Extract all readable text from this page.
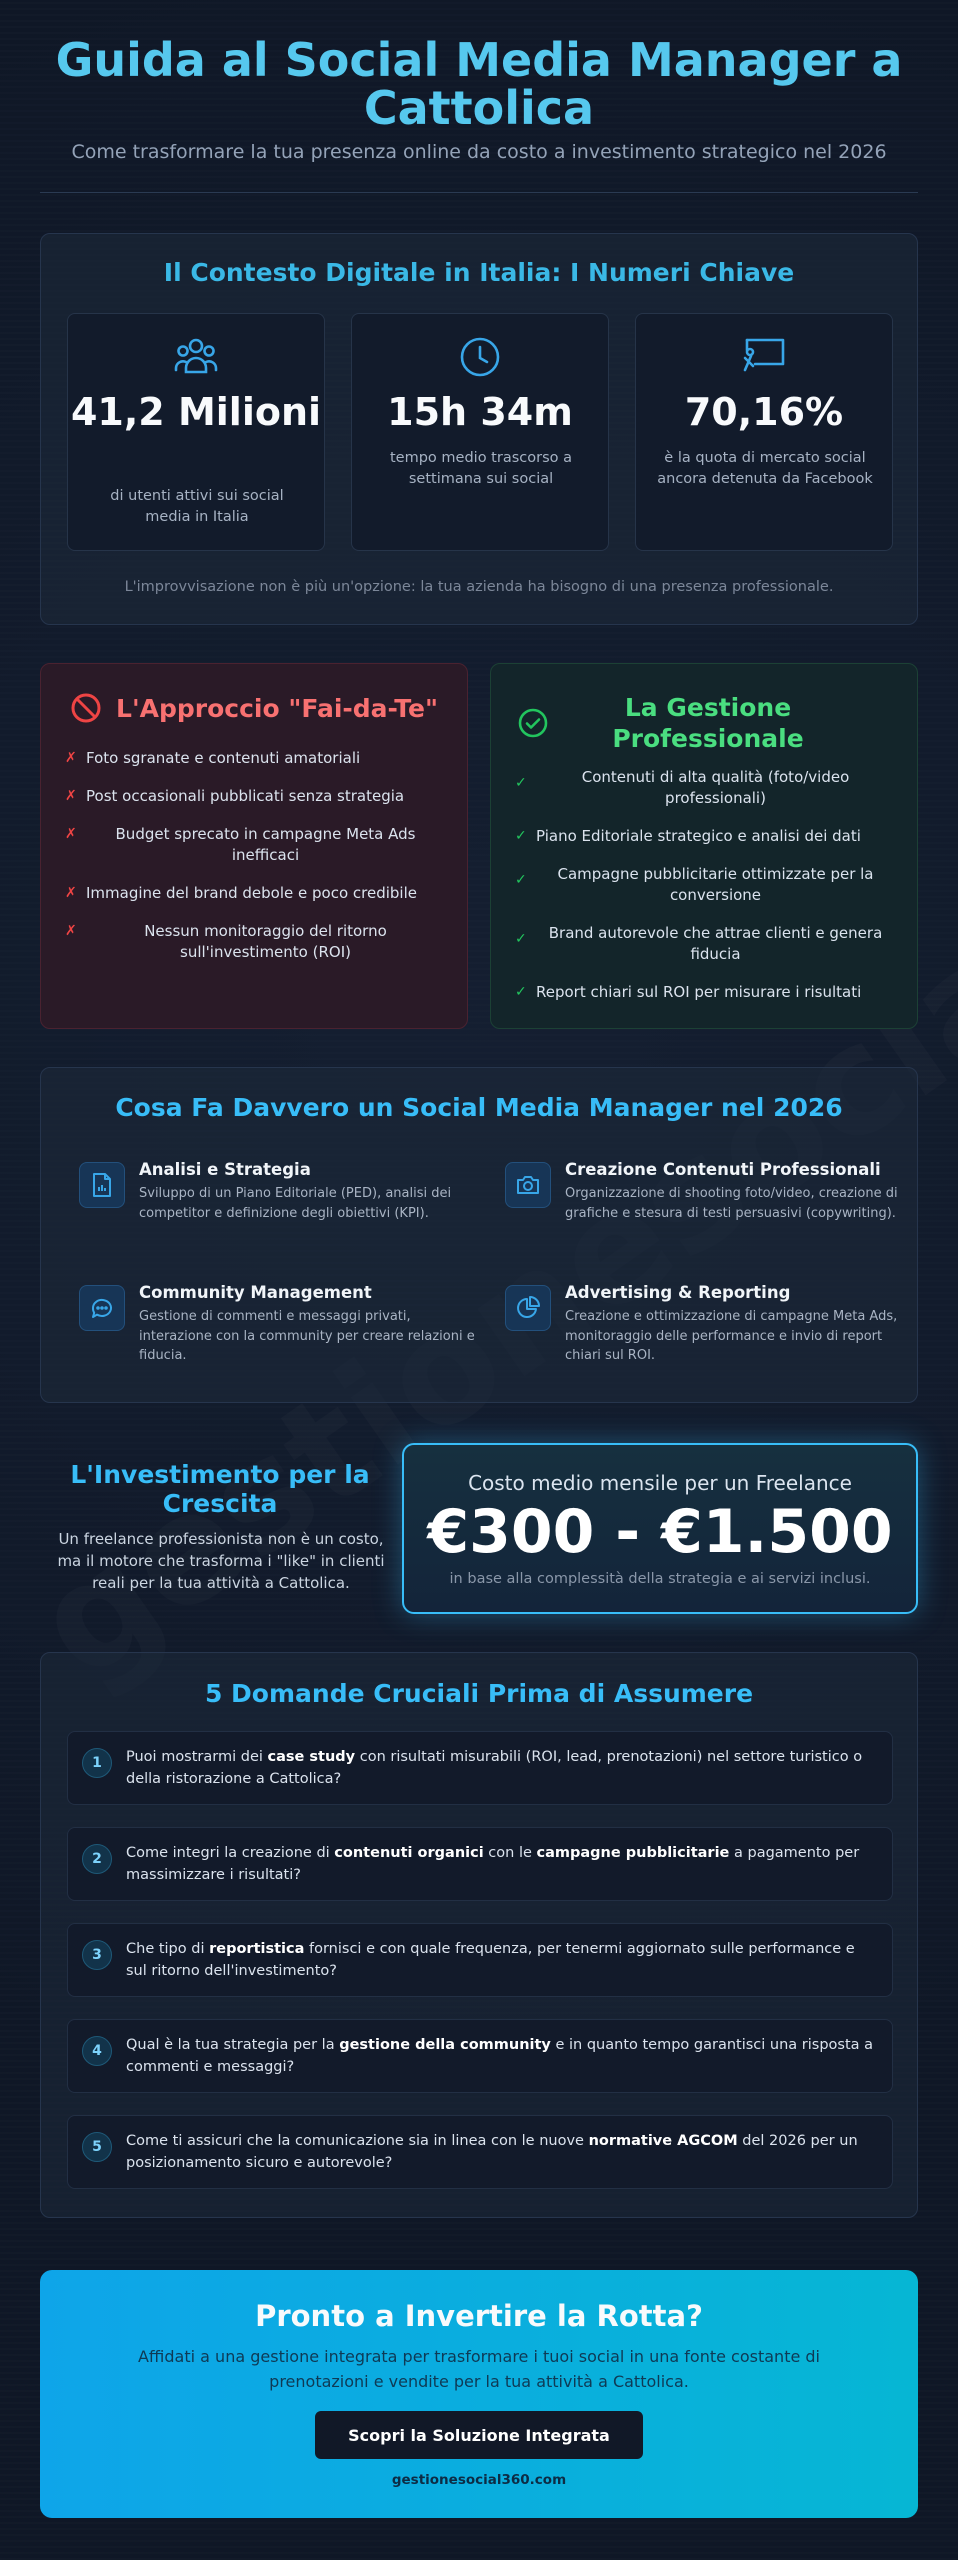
Guida al Social Media Manager a Cattolica
Come trasformare la tua presenza online da costo a investimento strategico nel 2026
Il Contesto Digitale in Italia: I Numeri Chiave
41,2 Milioni
di utenti attivi sui social media in Italia
15h 34m
tempo medio trascorso a settimana sui social
70,16%
è la quota di mercato social ancora detenuta da Facebook
L'improvvisazione non è più un'opzione: la tua azienda ha bisogno di una presenza professionale.
L'Approccio "Fai-da-Te"
✗ Foto sgranate e contenuti amatoriali
✗ Post occasionali pubblicati senza strategia
✗	Budget sprecato in campagne Meta Ads inefficaci
✗ Immagine del brand debole e poco credibile
✗	Nessun monitoraggio del ritorno sull'investimento (ROI)
La Gestione Professionale
✓	Contenuti di alta qualità (foto/video professionali)
✓ Piano Editoriale strategico e analisi dei dati
✓	Campagne pubblicitarie ottimizzate per la conversione
✓	Brand autorevole che attrae clienti e genera fiducia
✓ Report chiari sul ROI per misurare i risultati
Cosa Fa Davvero un Social Media Manager nel 2026
Analisi e Strategia
Sviluppo di un Piano Editoriale (PED), analisi dei competitor e definizione degli obiettivi (KPI).
Creazione Contenuti Professionali
Organizzazione di shooting foto/video, creazione di grafiche e stesura di testi persuasivi (copywriting).
Community Management
Gestione di commenti e messaggi privati, interazione con la community per creare relazioni e fiducia.
Advertising & Reporting
Creazione e ottimizzazione di campagne Meta Ads, monitoraggio delle performance e invio di report chiari sul ROI.
L'Investimento per la Crescita

Un freelance professionista non è un costo, ma il motore che trasforma i "like" in clienti reali per la tua attività a Cattolica.

Costo medio mensile per un Freelance
€300 - €1.500
in base alla complessità della strategia e ai servizi inclusi.
5 Domande Cruciali Prima di Assumere
1	Puoi mostrarmi dei case study con risultati misurabili (ROI, lead, prenotazioni) nel settore turistico o della ristorazione a Cattolica?
2	Come integri la creazione di contenuti organici con le campagne pubblicitarie a pagamento per massimizzare i risultati?
3	Che tipo di reportistica fornisci e con quale frequenza, per tenermi aggiornato sulle performance e sul ritorno dell'investimento?
4	Qual è la tua strategia per la gestione della community e in quanto tempo garantisci una risposta a commenti e messaggi?
5	Come ti assicuri che la comunicazione sia in linea con le nuove normative AGCOM del 2026 per un posizionamento sicuro e autorevole?
Pronto a Invertire la Rotta?

Affidati a una gestione integrata per trasformare i tuoi social in una fonte costante di prenotazioni e vendite per la tua attività a Cattolica.

Scopri la Soluzione Integrata
gestionesocial360.com
